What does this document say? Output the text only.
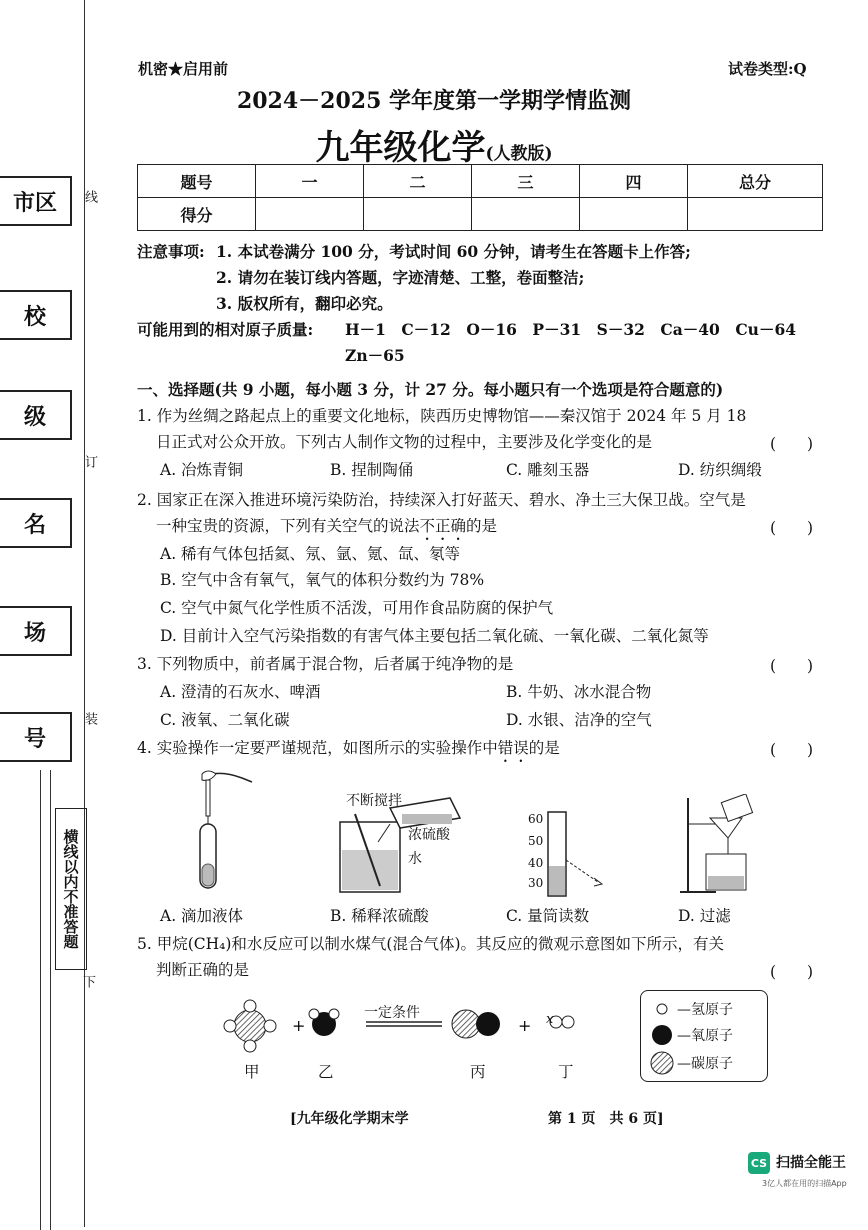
市区
校
级
名
场
号
线
订
装
下
横线以内不准答题
机密★启用前	试卷类型:Q
2024－2025 学年度第一学期学情监测
九年级化学(人教版)
题号	一	二	三	四	总分
得分					
注意事项: 1. 本试卷满分 100 分，考试时间 60 分钟，请考生在答题卡上作答;
2. 请勿在装订线内答题，字迹清楚、工整，卷面整洁;
3. 版权所有，翻印必究。
可能用到的相对原子质量: H－1　C－12　O－16　P－31　S－32　Ca－40　Cu－64
Zn－65
一、选择题(共 9 小题，每小题 3 分，计 27 分。每小题只有一个选项是符合题意的)
1. 作为丝绸之路起点上的重要文化地标，陕西历史博物馆——秦汉馆于 2024 年 5 月 18
日正式对公众开放。下列古人制作文物的过程中，主要涉及化学变化的是	(　　)
A. 冶炼青铜	B. 捏制陶俑	C. 雕刻玉器	D. 纺织绸缎
2. 国家正在深入推进环境污染防治，持续深入打好蓝天、碧水、净土三大保卫战。空气是
一种宝贵的资源，下列有关空气的说法不正确的是	(　　)
A. 稀有气体包括氦、氖、氩、氪、氙、氡等
B. 空气中含有氧气，氧气的体积分数约为 78%
C. 空气中氮气化学性质不活泼，可用作食品防腐的保护气
D. 目前计入空气污染指数的有害气体主要包括二氧化硫、一氧化碳、二氧化氮等
3. 下列物质中，前者属于混合物，后者属于纯净物的是	(　　)
A. 澄清的石灰水、啤酒	B. 牛奶、冰水混合物
C. 液氧、二氧化碳	D. 水银、洁净的空气
4. 实验操作一定要严谨规范，如图所示的实验操作中错误的是	(　　)
不断搅拌
浓硫酸
水
60
50
40
30
A. 滴加液体	B. 稀释浓硫酸	C. 量筒读数	D. 过滤
5. 甲烷(CH₄)和水反应可以制水煤气(混合气体)。其反应的微观示意图如下所示，有关
判断正确的是	(　　)
+	+
一定条件	x
甲	乙	丙	丁
—氢原子
—氧原子
—碳原子
[九年级化学期末学	第 1 页　共 6 页]
CS 扫描全能王
3亿人都在用的扫描App
